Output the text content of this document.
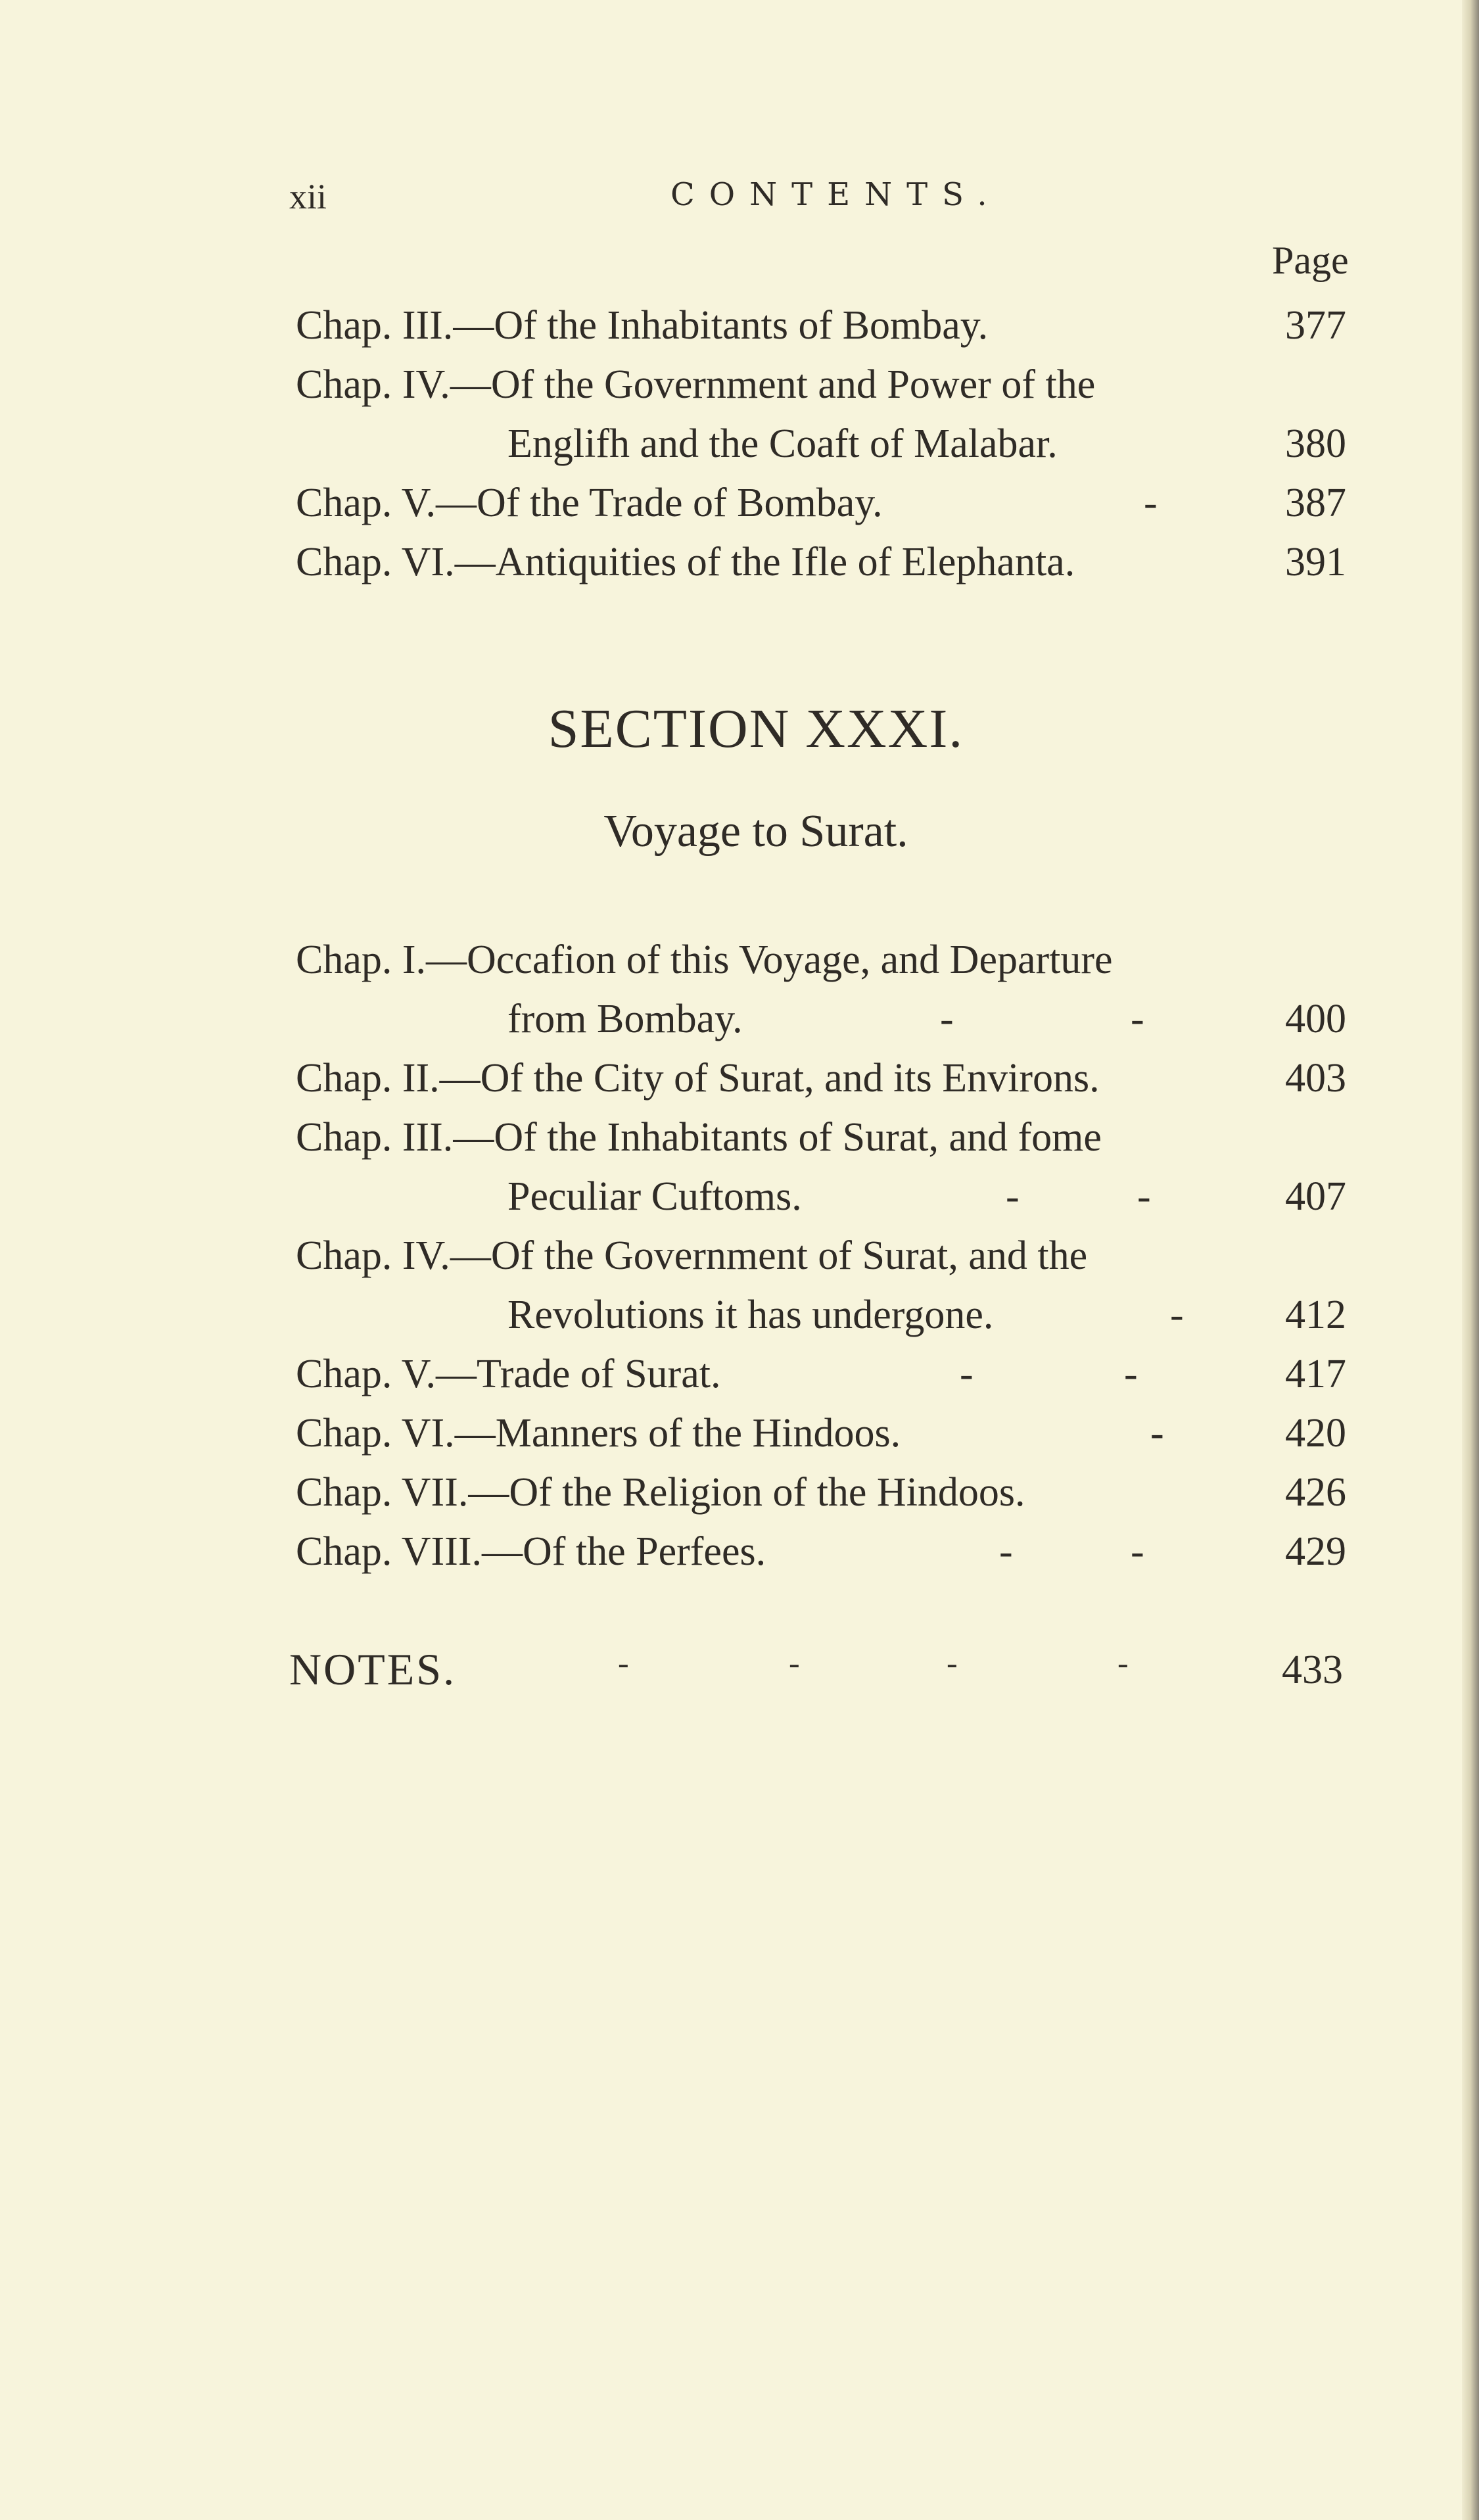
xii	CONTENTS.
Page
Chap. III.—Of the Inhabitants of Bombay.	377
Chap. IV.—Of the Government and Power of the
Englifh and the Coaft of Malabar.	380
Chap. V.—Of the Trade of Bombay.	-	387
Chap. VI.—Antiquities of the Ifle of Elephanta.	391
SECTION XXXI.
Voyage to Surat.
Chap. I.—Occafion of this Voyage, and Departure
from Bombay.	-	-	400
Chap. II.—Of the City of Surat, and its Environs.	403
Chap. III.—Of the Inhabitants of Surat, and fome
Peculiar Cuftoms.	-	-	407
Chap. IV.—Of the Government of Surat, and the
Revolutions it has undergone.	- 412
Chap. V.—Trade of Surat.	-	-	417
Chap. VI.—Manners of the Hindoos.	-	420
Chap. VII.—Of the Religion of the Hindoos.	426
Chap. VIII.—Of the Perfees.	-	-	429
NOTES.	-	-	-	-	433
